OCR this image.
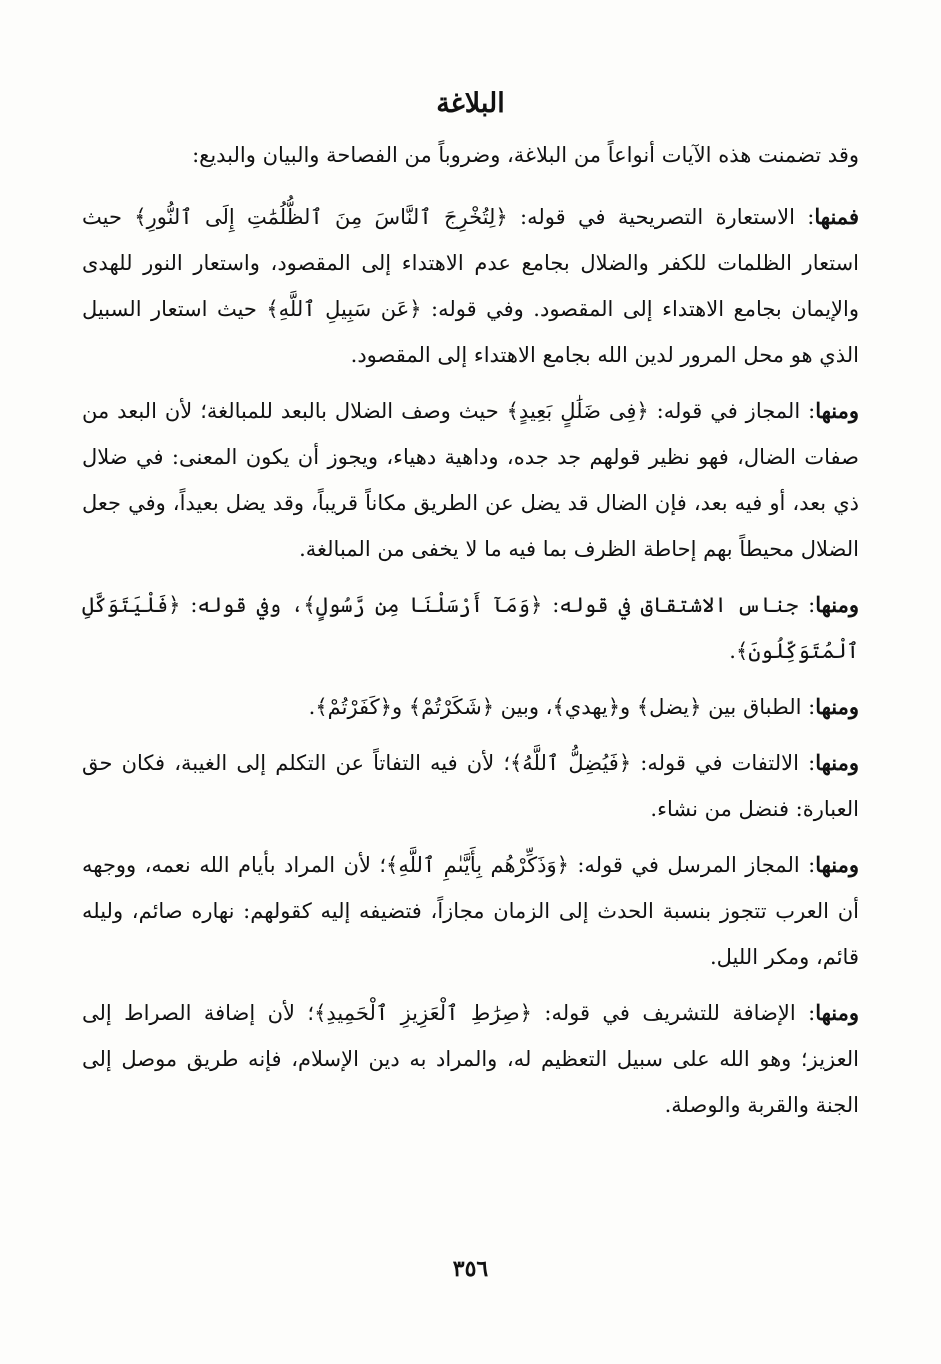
البلاغة

وقد تضمنت هذه الآيات أنواعاً من البلاغة، وضروباً من الفصاحة والبيان والبديع:

فمنها: الاستعارة التصريحية في قوله: ﴿لِتُخْرِجَ ٱلنَّاسَ مِنَ ٱلظُّلُمَٰتِ إِلَى ٱلنُّورِ﴾ حيث استعار الظلمات للكفر والضلال بجامع عدم الاهتداء إلى المقصود، واستعار النور للهدى والإيمان بجامع الاهتداء إلى المقصود. وفي قوله: ﴿عَن سَبِيلِ ٱللَّهِ﴾ حيث استعار السبيل الذي هو محل المرور لدين الله بجامع الاهتداء إلى المقصود.

ومنها: المجاز في قوله: ﴿فِى ضَلَٰلٍ بَعِيدٍ﴾ حيث وصف الضلال بالبعد للمبالغة؛ لأن البعد من صفات الضال، فهو نظير قولهم جد جده، وداهية دهياء، ويجوز أن يكون المعنى: في ضلال ذي بعد، أو فيه بعد، فإن الضال قد يضل عن الطريق مكاناً قريباً، وقد يضل بعيداً، وفي جعل الضلال محيطاً بهم إحاطة الظرف بما فيه ما لا يخفى من المبالغة.

ومنها: جناس الاشتقاق في قوله: ﴿وَمَآ أَرْسَلْنَا مِن رَّسُولٍ﴾، وفي قوله: ﴿فَلْيَتَوَكَّلِ ٱلْمُتَوَكِّلُونَ﴾.

ومنها: الطباق بين ﴿يضل﴾ و﴿يهدي﴾، وبين ﴿شَكَرْتُمْ﴾ و﴿كَفَرْتُمْ﴾.

ومنها: الالتفات في قوله: ﴿فَيُضِلُّ ٱللَّهُ﴾؛ لأن فيه التفاتاً عن التكلم إلى الغيبة، فكان حق العبارة: فنضل من نشاء.

ومنها: المجاز المرسل في قوله: ﴿وَذَكِّرْهُم بِأَيَّىٰمِ ٱللَّهِ﴾؛ لأن المراد بأيام الله نعمه، ووجهه أن العرب تتجوز بنسبة الحدث إلى الزمان مجازاً، فتضيفه إليه كقولهم: نهاره صائم، وليله قائم، ومكر الليل.

ومنها: الإضافة للتشريف في قوله: ﴿صِرَٰطِ ٱلْعَزِيزِ ٱلْحَمِيدِ﴾؛ لأن إضافة الصراط إلى العزيز؛ وهو الله على سبيل التعظيم له، والمراد به دين الإسلام، فإنه طريق موصل إلى الجنة والقربة والوصلة.

٣٥٦
